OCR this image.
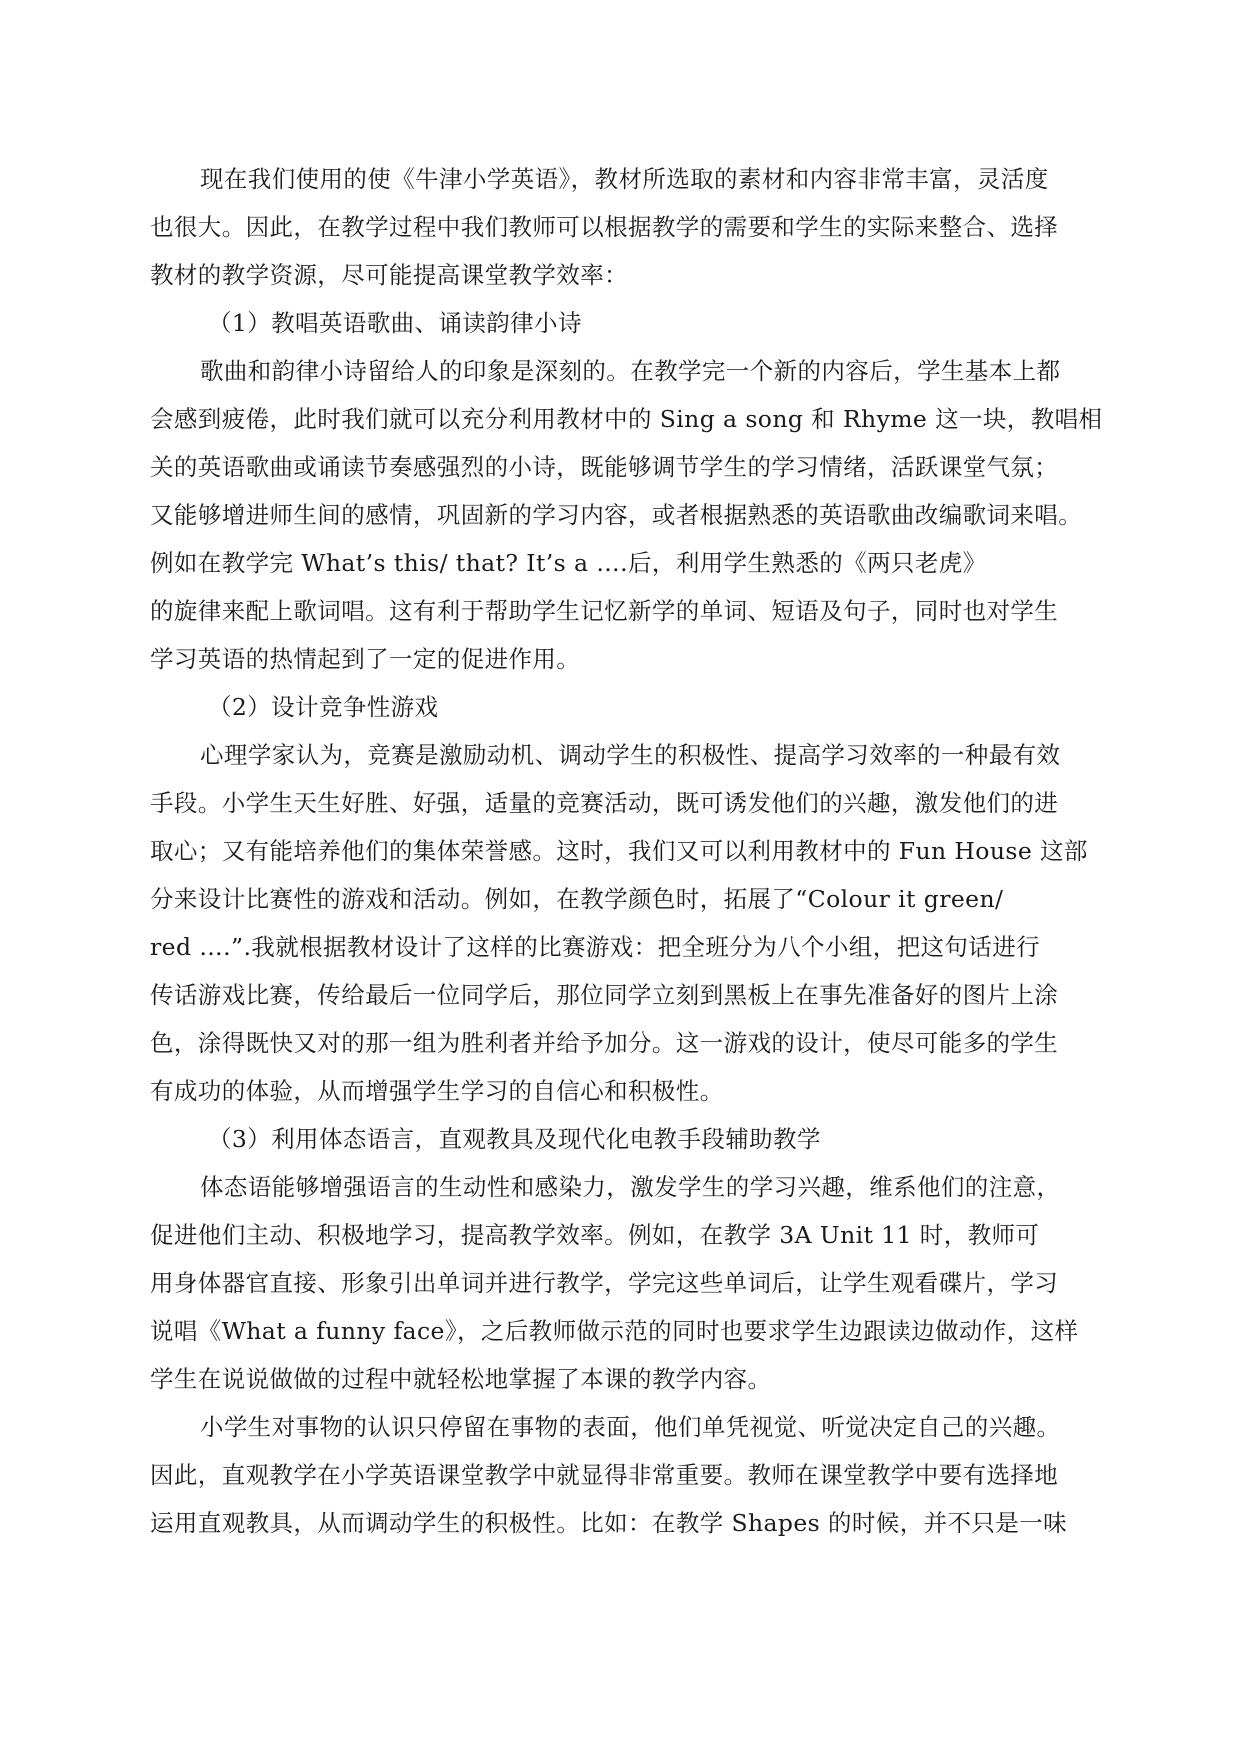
现在我们使用的使《牛津小学英语》，教材所选取的素材和内容非常丰富，灵活度
也很大。因此，在教学过程中我们教师可以根据教学的需要和学生的实际来整合、选择
教材的教学资源，尽可能提高课堂教学效率：
（1）教唱英语歌曲、诵读韵律小诗
歌曲和韵律小诗留给人的印象是深刻的。在教学完一个新的内容后，学生基本上都
会感到疲倦，此时我们就可以充分利用教材中的 Sing a song 和 Rhyme 这一块，教唱相
关的英语歌曲或诵读节奏感强烈的小诗，既能够调节学生的学习情绪，活跃课堂气氛；
又能够增进师生间的感情，巩固新的学习内容，或者根据熟悉的英语歌曲改编歌词来唱。
例如在教学完 What’s this/ that? It’s a ….后，利用学生熟悉的《两只老虎》
的旋律来配上歌词唱。这有利于帮助学生记忆新学的单词、短语及句子，同时也对学生
学习英语的热情起到了一定的促进作用。
（2）设计竞争性游戏
心理学家认为，竞赛是激励动机、调动学生的积极性、提高学习效率的一种最有效
手段。小学生天生好胜、好强，适量的竞赛活动，既可诱发他们的兴趣，激发他们的进
取心；又有能培养他们的集体荣誉感。这时，我们又可以利用教材中的 Fun House 这部
分来设计比赛性的游戏和活动。例如，在教学颜色时，拓展了“Colour it green/
red ….”.我就根据教材设计了这样的比赛游戏：把全班分为八个小组，把这句话进行
传话游戏比赛，传给最后一位同学后，那位同学立刻到黑板上在事先准备好的图片上涂
色，涂得既快又对的那一组为胜利者并给予加分。这一游戏的设计，使尽可能多的学生
有成功的体验，从而增强学生学习的自信心和积极性。
（3）利用体态语言，直观教具及现代化电教手段辅助教学
体态语能够增强语言的生动性和感染力，激发学生的学习兴趣，维系他们的注意，
促进他们主动、积极地学习，提高教学效率。例如，在教学 3A Unit 11 时，教师可
用身体器官直接、形象引出单词并进行教学，学完这些单词后，让学生观看碟片，学习
说唱《What a funny face》，之后教师做示范的同时也要求学生边跟读边做动作，这样
学生在说说做做的过程中就轻松地掌握了本课的教学内容。
小学生对事物的认识只停留在事物的表面，他们单凭视觉、听觉决定自己的兴趣。
因此，直观教学在小学英语课堂教学中就显得非常重要。教师在课堂教学中要有选择地
运用直观教具，从而调动学生的积极性。比如：在教学 Shapes 的时候，并不只是一味
